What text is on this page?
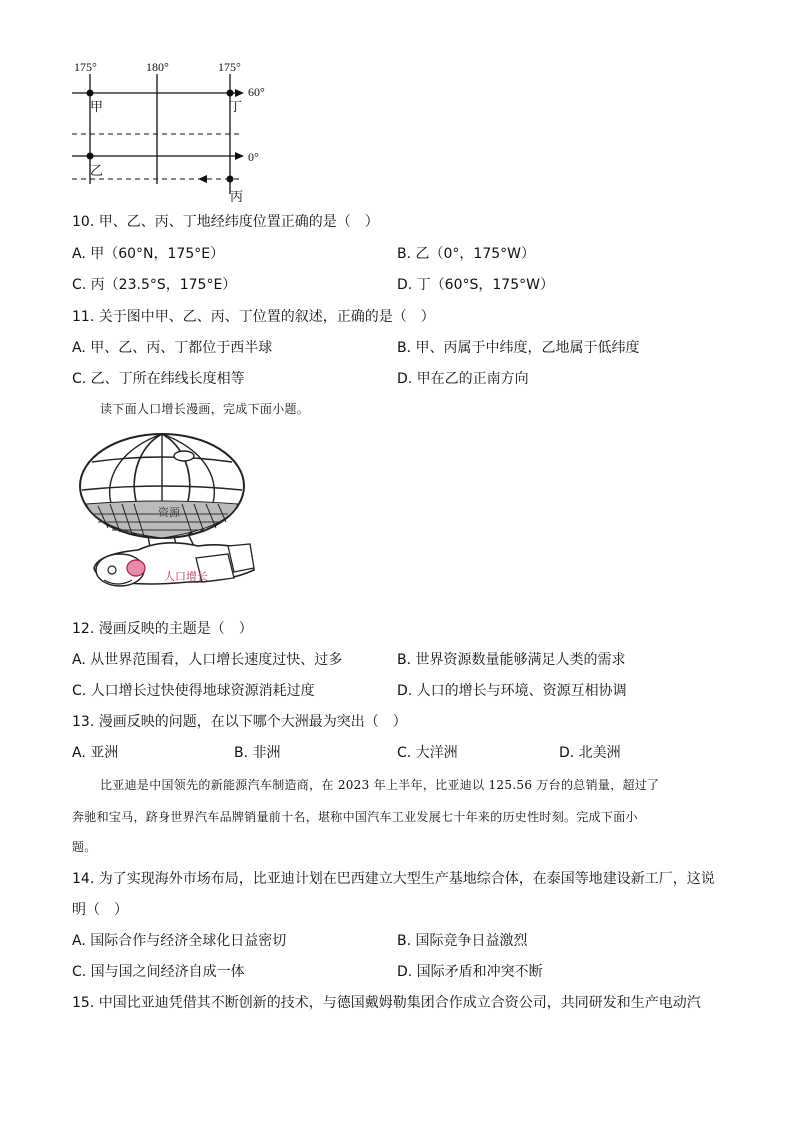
175°	180°	175°
60°
0°
甲	丁
乙
丙
10. 甲、乙、丙、丁地经纬度位置正确的是（　）
A. 甲（60°N，175°E）	B. 乙（0°，175°W）
C. 丙（23.5°S，175°E）	D. 丁（60°S，175°W）
11. 关于图中甲、乙、丙、丁位置的叙述，正确的是（　）
A. 甲、乙、丙、丁都位于西半球	B. 甲、丙属于中纬度，乙地属于低纬度
C. 乙、丁所在纬线长度相等	D. 甲在乙的正南方向
读下面人口增长漫画，完成下面小题。
资源
人口增长
12. 漫画反映的主题是（　）
A. 从世界范围看，人口增长速度过快、过多	B. 世界资源数量能够满足人类的需求
C. 人口增长过快使得地球资源消耗过度	D. 人口的增长与环境、资源互相协调
13. 漫画反映的问题，在以下哪个大洲最为突出（　）
A. 亚洲	B. 非洲	C. 大洋洲	D. 北美洲
比亚迪是中国领先的新能源汽车制造商，在 2023 年上半年，比亚迪以 125.56 万台的总销量，超过了
奔驰和宝马，跻身世界汽车品牌销量前十名，堪称中国汽车工业发展七十年来的历史性时刻。完成下面小
题。
14. 为了实现海外市场布局，比亚迪计划在巴西建立大型生产基地综合体，在泰国等地建设新工厂，这说
明（　）
A. 国际合作与经济全球化日益密切	B. 国际竞争日益激烈
C. 国与国之间经济自成一体	D. 国际矛盾和冲突不断
15. 中国比亚迪凭借其不断创新的技术，与德国戴姆勒集团合作成立合资公司，共同研发和生产电动汽
